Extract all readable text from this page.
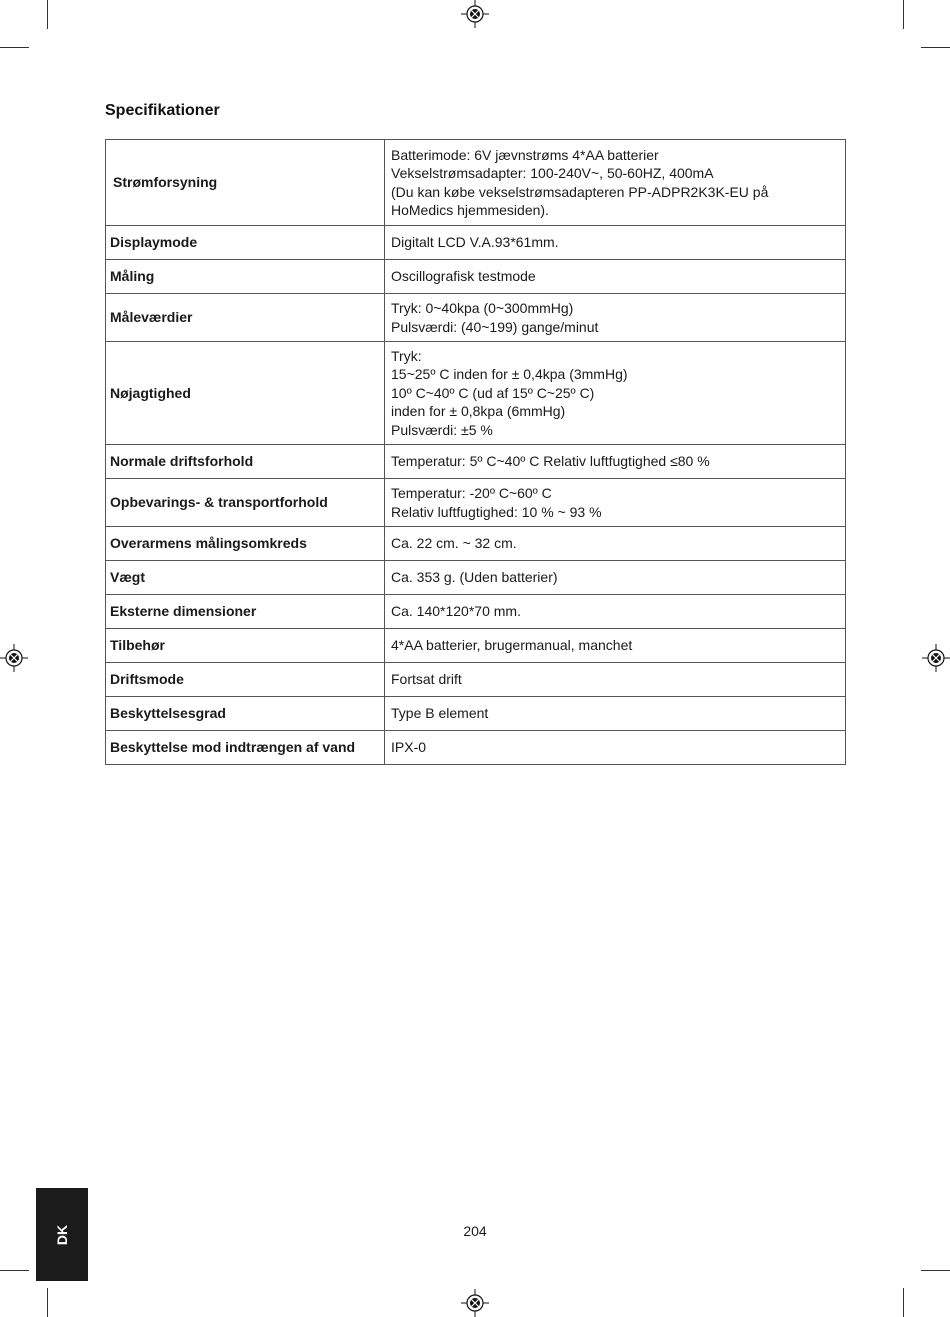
Specifikationer
Strømforsyning	Batterimode: 6V jævnstrøms 4*AA batterier
Vekselstrømsadapter: 100-240V~, 50-60HZ, 400mA
(Du kan købe vekselstrømsadapteren PP-ADPR2K3K-EU på
HoMedics hjemmesiden).

Displaymode	Digitalt LCD V.A.93*61mm.

Måling	Oscillografisk testmode

Måleværdier	Tryk: 0~40kpa (0~300mmHg)
Pulsværdi: (40~199) gange/minut

Nøjagtighed	Tryk:
15~25º C inden for ± 0,4kpa (3mmHg)
10º C~40º C (ud af 15º C~25º C)
inden for ± 0,8kpa (6mmHg)
Pulsværdi: ±5 %

Normale driftsforhold	Temperatur: 5º C~40º C Relativ luftfugtighed ≤80 %

Opbevarings- & transportforhold	Temperatur: -20º C~60º C
Relativ luftfugtighed: 10 % ~ 93 %

Overarmens målingsomkreds	Ca. 22 cm. ~ 32 cm.

Vægt	Ca. 353 g. (Uden batterier)

Eksterne dimensioner	Ca. 140*120*70 mm.

Tilbehør	4*AA batterier, brugermanual, manchet

Driftsmode	Fortsat drift

Beskyttelsesgrad	Type B element

Beskyttelse mod indtrængen af vand	IPX-0
DK	204
